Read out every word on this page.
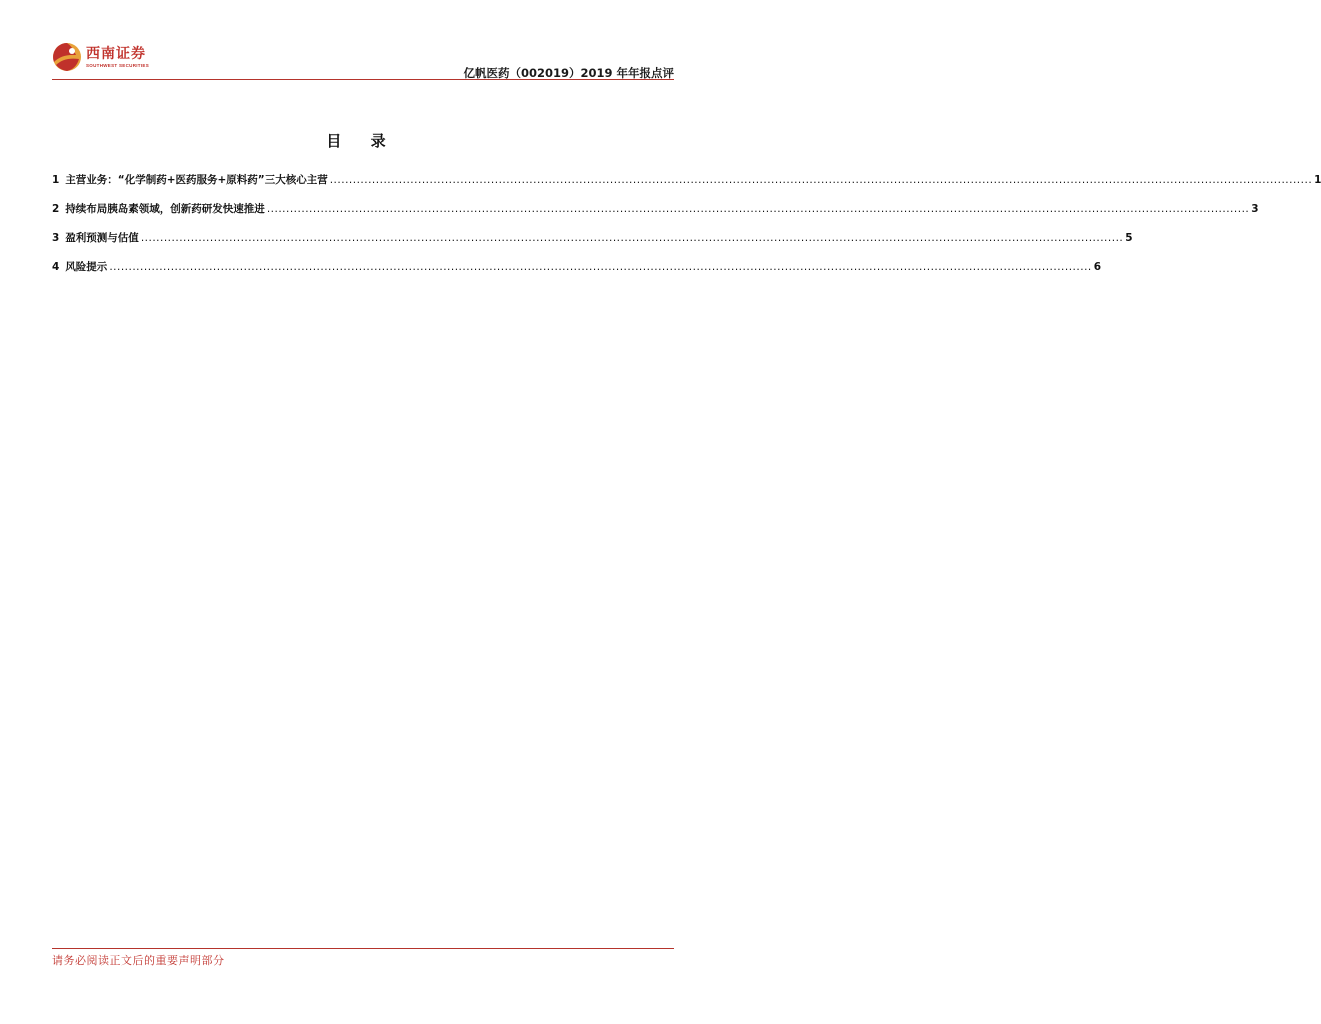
西南证券
SOUTHWEST SECURITIES
亿帆医药（002019）2019 年年报点评
目 录
1 主营业务：“化学制药+医药服务+原料药”三大核心主营 ................................................................................................................................................................................................................................................................ 1
2 持续布局胰岛素领域，创新药研发快速推进 ................................................................................................................................................................................................................................................................ 3
3 盈利预测与估值 ................................................................................................................................................................................................................................................................ 5
4 风险提示 ................................................................................................................................................................................................................................................................ 6
请务必阅读正文后的重要声明部分
